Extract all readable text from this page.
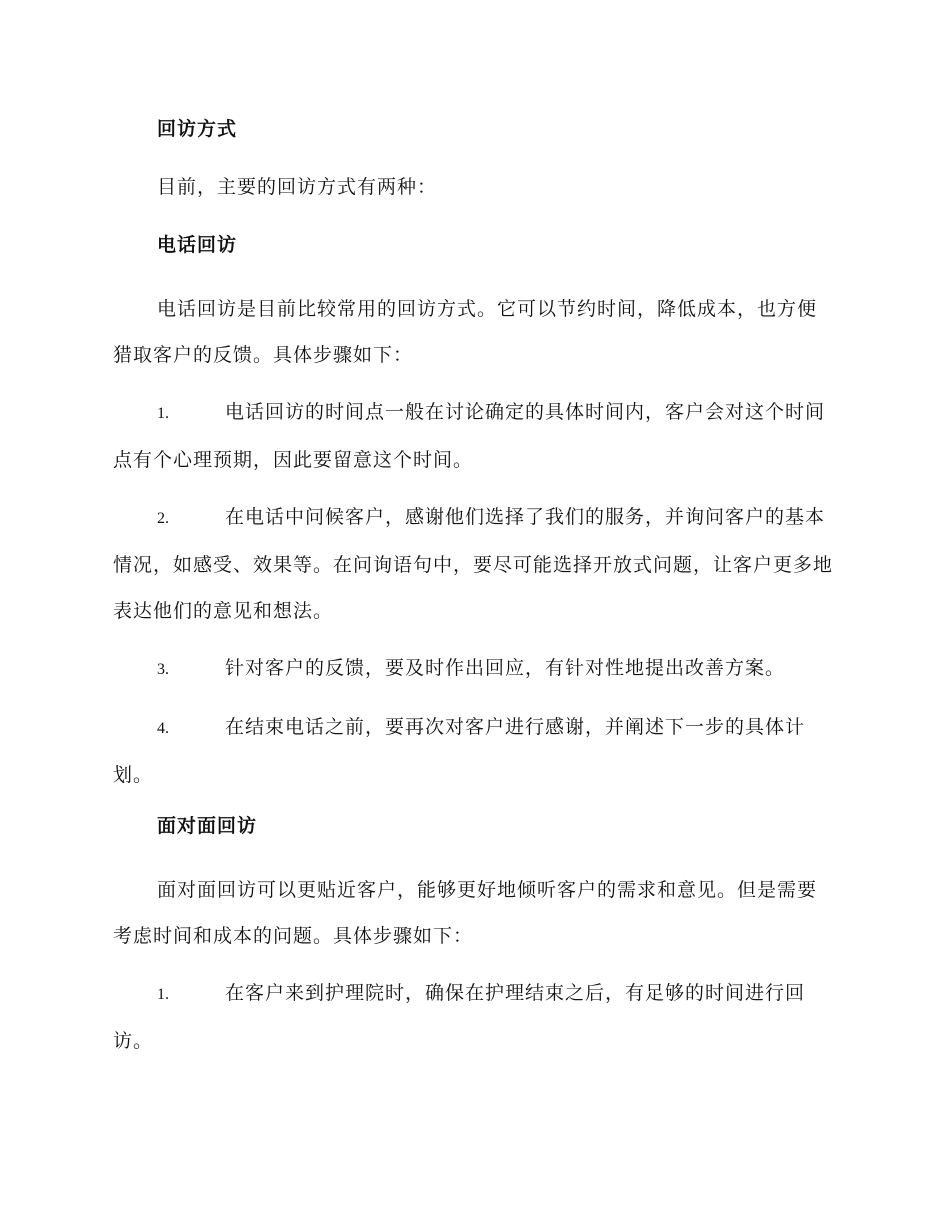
回访方式
目前，主要的回访方式有两种：
电话回访
电话回访是目前比较常用的回访方式。它可以节约时间，降低成本，也方便猎取客户的反馈。具体步骤如下：
1.	电话回访的时间点一般在讨论确定的具体时间内，客户会对这个时间点有个心理预期，因此要留意这个时间。
2.	在电话中问候客户，感谢他们选择了我们的服务，并询问客户的基本情况，如感受、效果等。在问询语句中，要尽可能选择开放式问题，让客户更多地表达他们的意见和想法。
3.	针对客户的反馈，要及时作出回应，有针对性地提出改善方案。
4.	在结束电话之前，要再次对客户进行感谢，并阐述下一步的具体计划。
面对面回访
面对面回访可以更贴近客户，能够更好地倾听客户的需求和意见。但是需要考虑时间和成本的问题。具体步骤如下：
1.	在客户来到护理院时，确保在护理结束之后，有足够的时间进行回访。
